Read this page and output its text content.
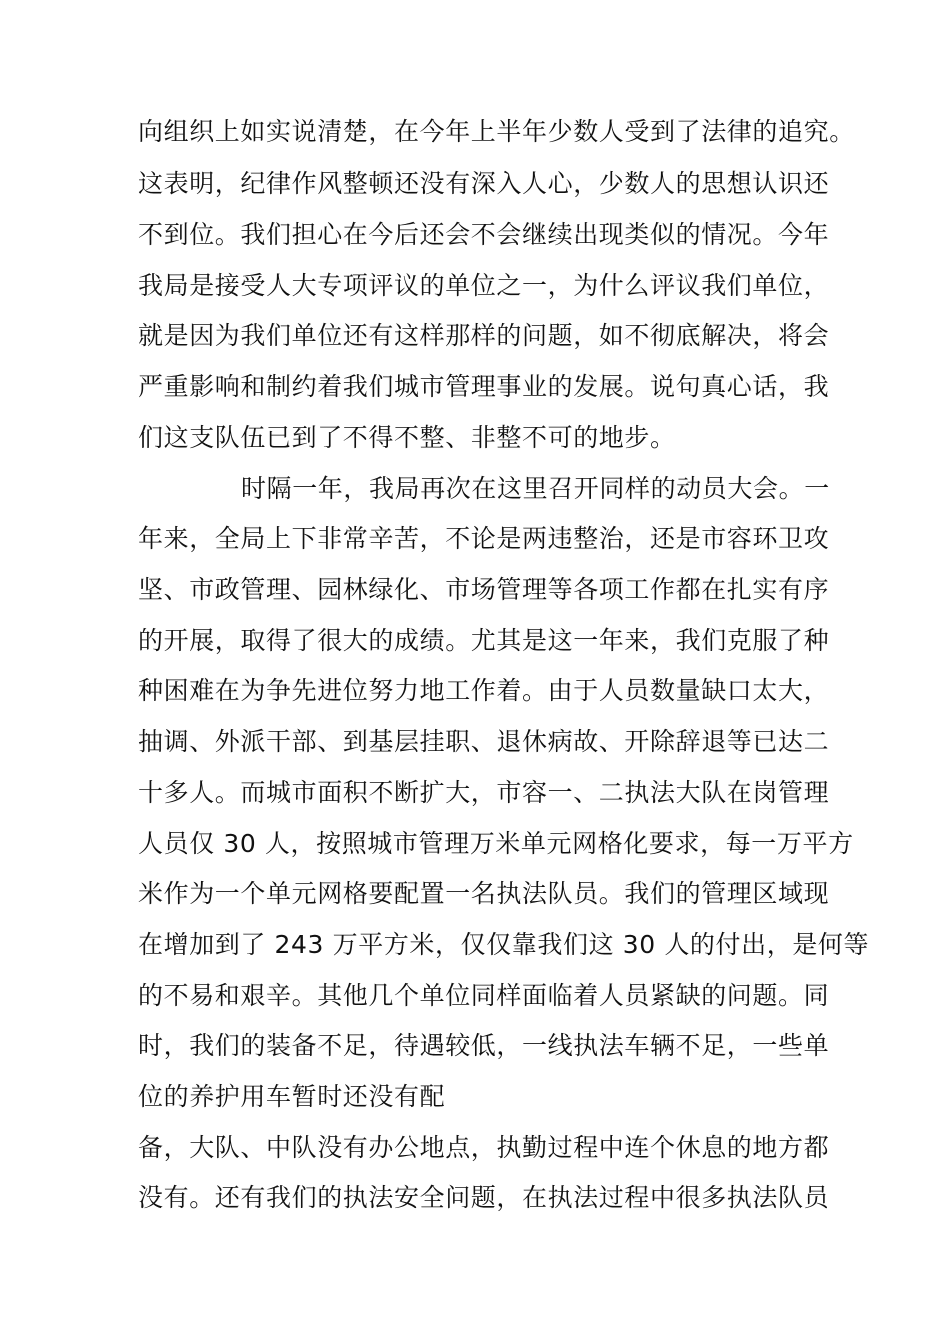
向组织上如实说清楚，在今年上半年少数人受到了法律的追究。
这表明，纪律作风整顿还没有深入人心，少数人的思想认识还
不到位。我们担心在今后还会不会继续出现类似的情况。今年
我局是接受人大专项评议的单位之一，为什么评议我们单位，
就是因为我们单位还有这样那样的问题，如不彻底解决，将会
严重影响和制约着我们城市管理事业的发展。说句真心话，我
们这支队伍已到了不得不整、非整不可的地步。
时隔一年，我局再次在这里召开同样的动员大会。一
年来，全局上下非常辛苦，不论是两违整治，还是市容环卫攻
坚、市政管理、园林绿化、市场管理等各项工作都在扎实有序
的开展，取得了很大的成绩。尤其是这一年来，我们克服了种
种困难在为争先进位努力地工作着。由于人员数量缺口太大，
抽调、外派干部、到基层挂职、退休病故、开除辞退等已达二
十多人。而城市面积不断扩大，市容一、二执法大队在岗管理
人员仅 30 人，按照城市管理万米单元网格化要求，每一万平方
米作为一个单元网格要配置一名执法队员。我们的管理区域现
在增加到了 243 万平方米，仅仅靠我们这 30 人的付出，是何等
的不易和艰辛。其他几个单位同样面临着人员紧缺的问题。同
时，我们的装备不足，待遇较低，一线执法车辆不足，一些单
位的养护用车暂时还没有配
备，大队、中队没有办公地点，执勤过程中连个休息的地方都
没有。还有我们的执法安全问题，在执法过程中很多执法队员
